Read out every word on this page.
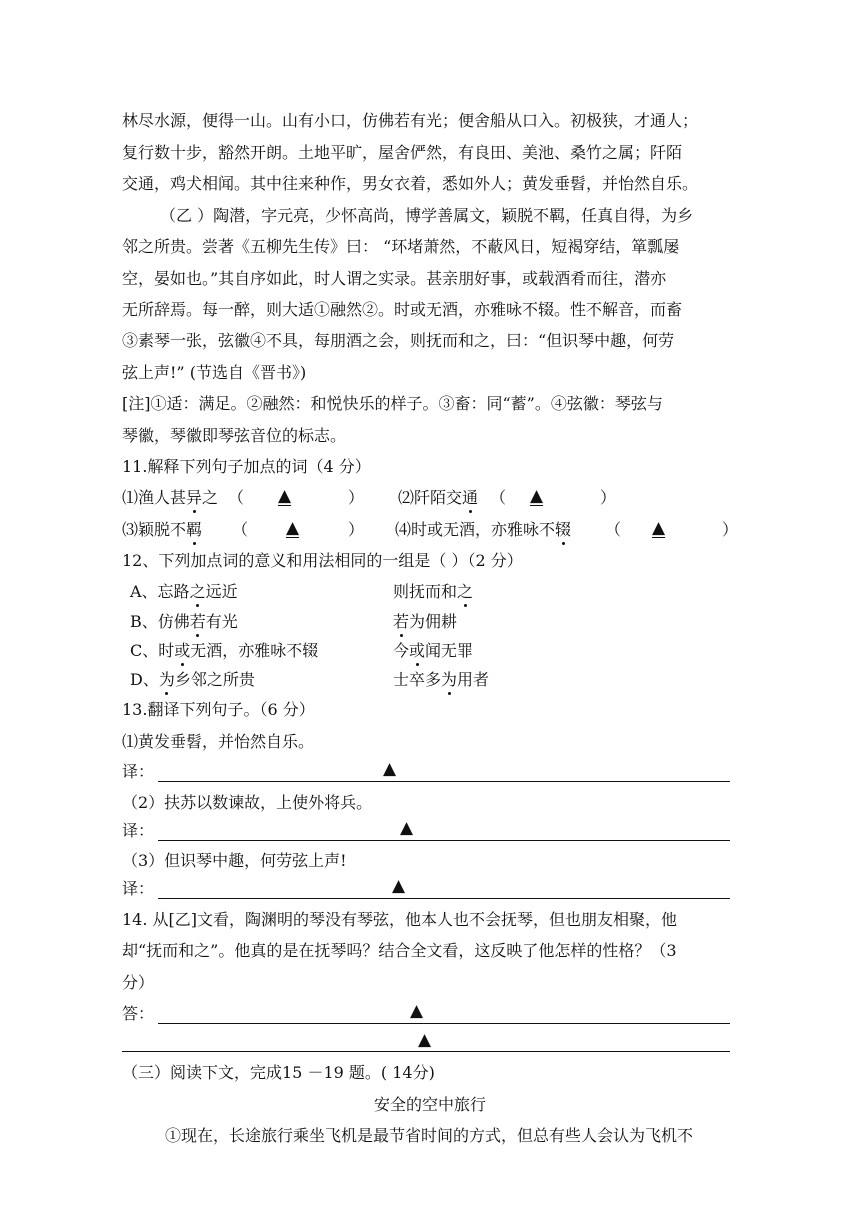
林尽水源，便得一山。山有小口，仿佛若有光；便舍船从口入。初极狭，才通人；
复行数十步，豁然开朗。土地平旷，屋舍俨然，有良田、美池、桑竹之属；阡陌
交通，鸡犬相闻。其中往来种作，男女衣着，悉如外人；黄发垂髫，并怡然自乐。
（乙 ）陶潜，字元亮，少怀高尚，博学善属文，颖脱不羁，任真自得，为乡
邻之所贵。尝著《五柳先生传》曰： “环堵萧然，不蔽风日，短褐穿结，箪瓢屡
空，晏如也。”其自序如此，时人谓之实录。甚亲朋好事，或载酒肴而往，潜亦
无所辞焉。每一醉，则大适①融然②。时或无酒，亦雅咏不辍。性不解音，而畜
③素琴一张，弦徽④不具，每朋酒之会，则抚而和之，曰：“但识琴中趣，何劳
弦上声!” (节选自《晋书》)
[注]①适：满足。②融然：和悦快乐的样子。③畜：同“蓄”。④弦徽：琴弦与
琴徽，琴徽即琴弦音位的标志。
11.解释下列句子加点的词（4 分）
⑴渔人甚异之 （ ▲	） ⑵阡陌交通 （ ▲	）
⑶颖脱不羁 （ ▲	） ⑷时或无酒，亦雅咏不辍 （ ▲	）
12、下列加点词的意义和用法相同的一组是（ ）（2 分）
A、忘路之远近	则抚而和之
B、仿佛若有光	若为佣耕
C、时或无酒，亦雅咏不辍	今或闻无罪
D、为乡邻之所贵	士卒多为用者
13.翻译下列句子。（6 分）
⑴黄发垂髫，并怡然自乐。
译：	▲
（2）扶苏以数谏故，上使外将兵。
译：	▲
（3）但识琴中趣，何劳弦上声!
译：	▲
14. 从[乙]文看，陶渊明的琴没有琴弦，他本人也不会抚琴，但也朋友相聚，他
却“抚而和之”。他真的是在抚琴吗？结合全文看，这反映了他怎样的性格？（3
分）
答：	▲
▲
（三）阅读下文，完成15 －19 题。( 14分)
安全的空中旅行
①现在，长途旅行乘坐飞机是最节省时间的方式，但总有些人会认为飞机不
